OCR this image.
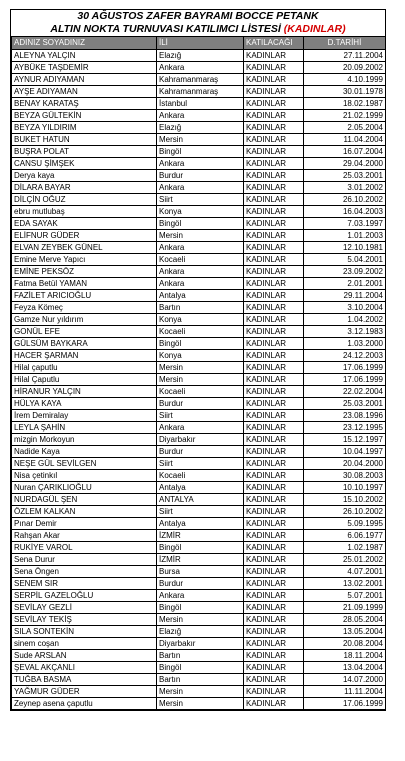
30 AĞUSTOS ZAFER BAYRAMI BOCCE PETANK
ALTIN NOKTA TURNUVASI KATILIMCI LİSTESİ (KADINLAR)
ADINIZ SOYADINIZ	İLİ	KATILACAĞI	D.TARİHİ
ALEYNA YALÇIN	Elazığ	KADINLAR	27.11.2004
AYBÜKE TAŞDEMİR	Ankara	KADINLAR	20.09.2002
AYNUR ADIYAMAN	Kahramanmaraş	KADINLAR	4.10.1999
AYŞE ADIYAMAN	Kahramanmaraş	KADINLAR	30.01.1978
BENAY KARATAŞ	İstanbul	KADINLAR	18.02.1987
BEYZA GÜLTEKİN	Ankara	KADINLAR	21.02.1999
BEYZA YILDIRIM	Elazığ	KADINLAR	2.05.2004
BUKET HATUN	Mersin	KADINLAR	11.04.2004
BUŞRA POLAT	Bingöl	KADINLAR	16.07.2004
CANSU ŞİMŞEK	Ankara	KADINLAR	29.04.2000
Derya kaya	Burdur	KADINLAR	25.03.2001
DİLARA BAYAR	Ankara	KADINLAR	3.01.2002
DİLÇİN OĞUZ	Siirt	KADINLAR	26.10.2002
ebru mutlubaş	Konya	KADINLAR	16.04.2003
EDA SAYAK	Bingöl	KADINLAR	7.03.1997
ELİFNUR GÜDER	Mersin	KADINLAR	1.01.2003
ELVAN ZEYBEK GÜNEL	Ankara	KADINLAR	12.10.1981
Emine Merve Yapıcı	Kocaeli	KADINLAR	5.04.2001
EMİNE PEKSÖZ	Ankara	KADINLAR	23.09.2002
Fatma Betül YAMAN	Ankara	KADINLAR	2.01.2001
FAZİLET ARICIOĞLU	Antalya	KADINLAR	29.11.2004
Feyza Kömeç	Bartın	KADINLAR	3.10.2004
Gamze Nur yıldırım	Konya	KADINLAR	1.04.2002
GONÜL EFE	Kocaeli	KADINLAR	3.12.1983
GÜLSÜM BAYKARA	Bingöl	KADINLAR	1.03.2000
HACER ŞARMAN	Konya	KADINLAR	24.12.2003
Hilal çaputlu	Mersin	KADINLAR	17.06.1999
Hilal Çaputlu	Mersin	KADINLAR	17.06.1999
HİRANUR YALÇIN	Kocaeli	KADINLAR	22.02.2004
HÜLYA KAYA	Burdur	KADINLAR	25.03.2001
İrem Demiralay	Siirt	KADINLAR	23.08.1996
LEYLA ŞAHİN	Ankara	KADINLAR	23.12.1995
mizgin Morkoyun	Diyarbakır	KADINLAR	15.12.1997
Nadide Kaya	Burdur	KADINLAR	10.04.1997
NEŞE GÜL SEVİLGEN	Siirt	KADINLAR	20.04.2000
Nisa çetinkıl	Kocaeli	KADINLAR	30.08.2003
Nuran ÇARIKLIOĞLU	Antalya	KADINLAR	10.10.1997
NURDAGÜL ŞEN	ANTALYA	KADINLAR	15.10.2002
ÖZLEM KALKAN	Siirt	KADINLAR	26.10.2002
Pınar Demir	Antalya	KADINLAR	5.09.1995
Rahşan Akar	İZMİR	KADINLAR	6.06.1977
RUKİYE VAROL	Bingöl	KADINLAR	1.02.1987
Sena Durur	İZMİR	KADINLAR	25.01.2002
Sena Öngen	Bursa	KADINLAR	4.07.2001
SENEM SIR	Burdur	KADINLAR	13.02.2001
SERPİL GAZELOĞLU	Ankara	KADINLAR	5.07.2001
SEVİLAY GEZLİ	Bingöl	KADINLAR	21.09.1999
SEVİLAY TEKİŞ	Mersin	KADINLAR	28.05.2004
SILA SONTEKİN	Elazığ	KADINLAR	13.05.2004
sinem coşan	Diyarbakır	KADINLAR	20.08.2004
Sude ARSLAN	Bartın	KADINLAR	18.11.2004
ŞEVAL AKÇANLI	Bingöl	KADINLAR	13.04.2004
TUĞBA BASMA	Bartın	KADINLAR	14.07.2000
YAĞMUR GÜDER	Mersin	KADINLAR	11.11.2004
Zeynep asena çaputlu	Mersin	KADINLAR	17.06.1999
